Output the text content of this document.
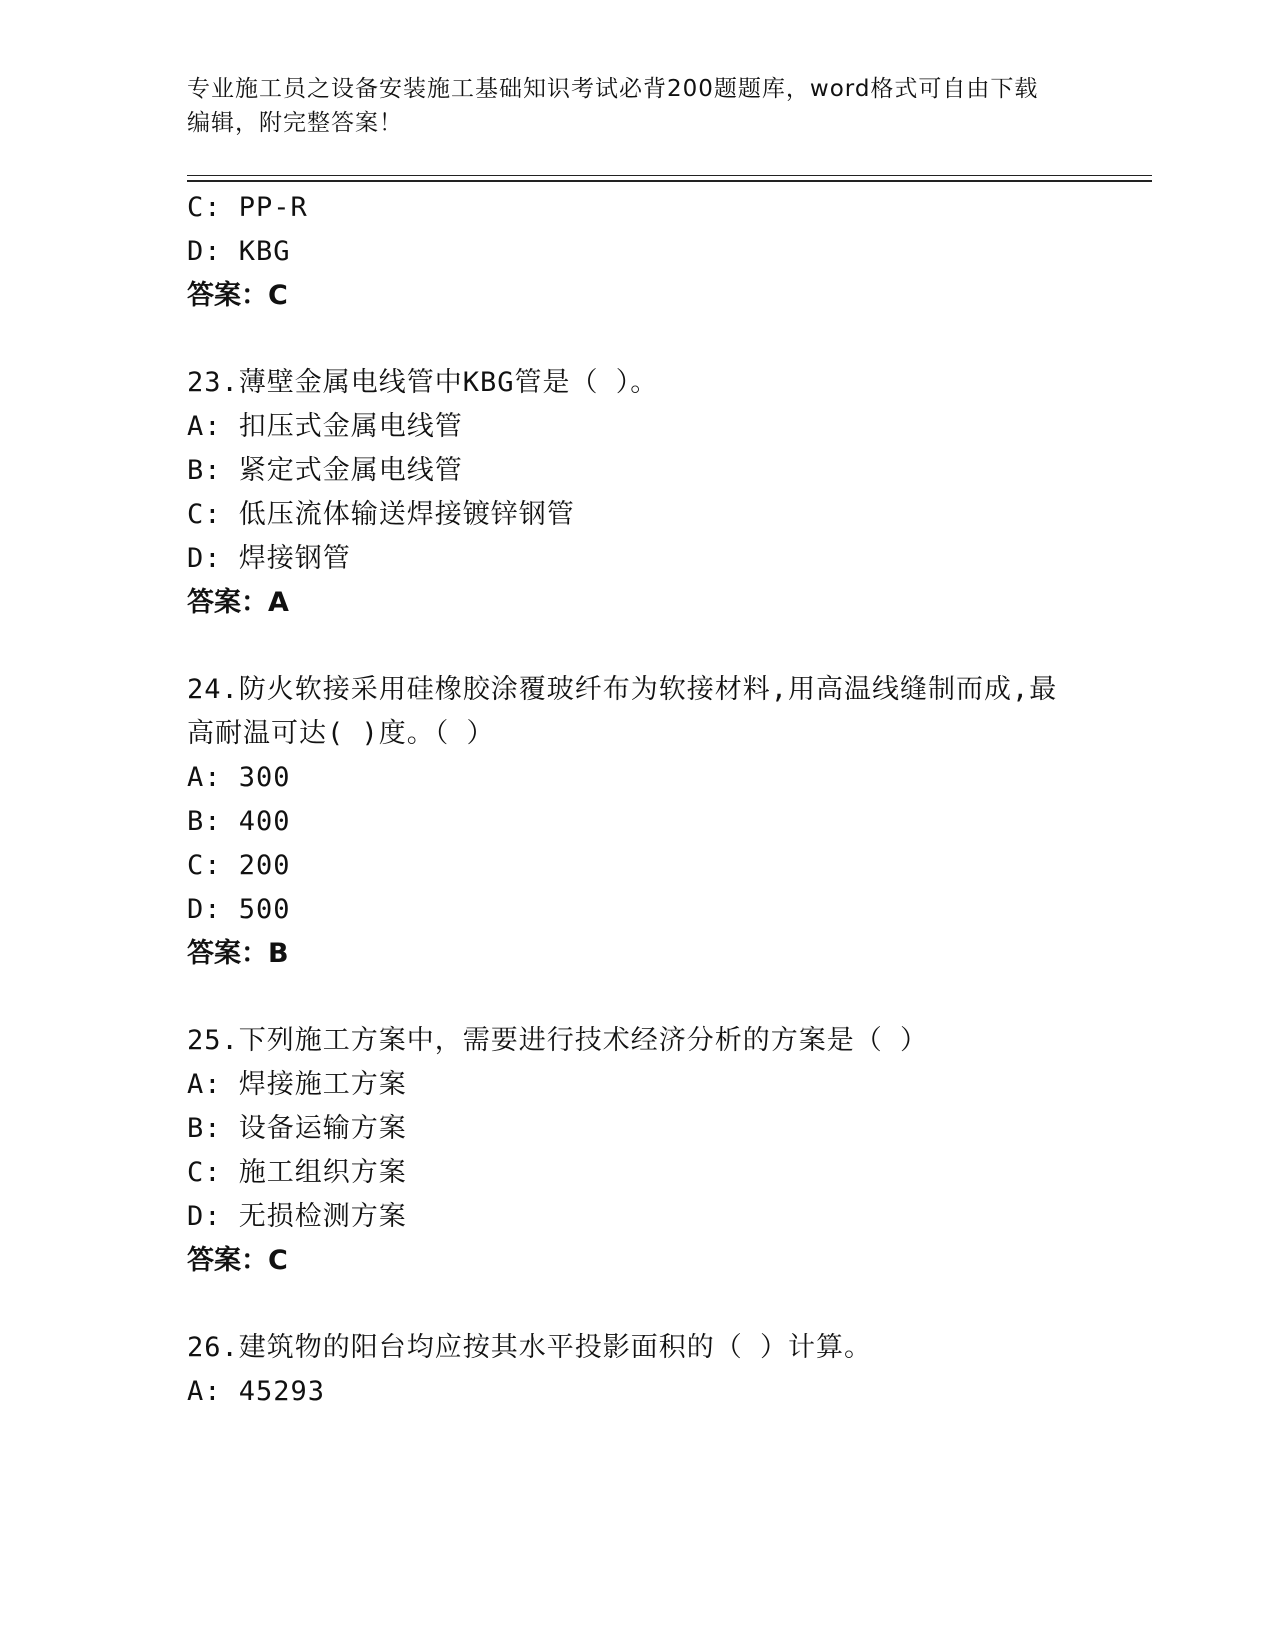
专业施工员之设备安装施工基础知识考试必背200题题库，word格式可自由下载
编辑，附完整答案！
C: PP-R
D: KBG
答案：C
23.薄壁金属电线管中KBG管是（ ）。
A: 扣压式金属电线管
B: 紧定式金属电线管
C: 低压流体输送焊接镀锌钢管
D: 焊接钢管
答案：A
24.防火软接采用硅橡胶涂覆玻纤布为软接材料,用高温线缝制而成,最
高耐温可达( )度。（ ）
A: 300
B: 400
C: 200
D: 500
答案：B
25.下列施工方案中，需要进行技术经济分析的方案是（ ）
A: 焊接施工方案
B: 设备运输方案
C: 施工组织方案
D: 无损检测方案
答案：C
26.建筑物的阳台均应按其水平投影面积的（ ）计算。
A: 45293
